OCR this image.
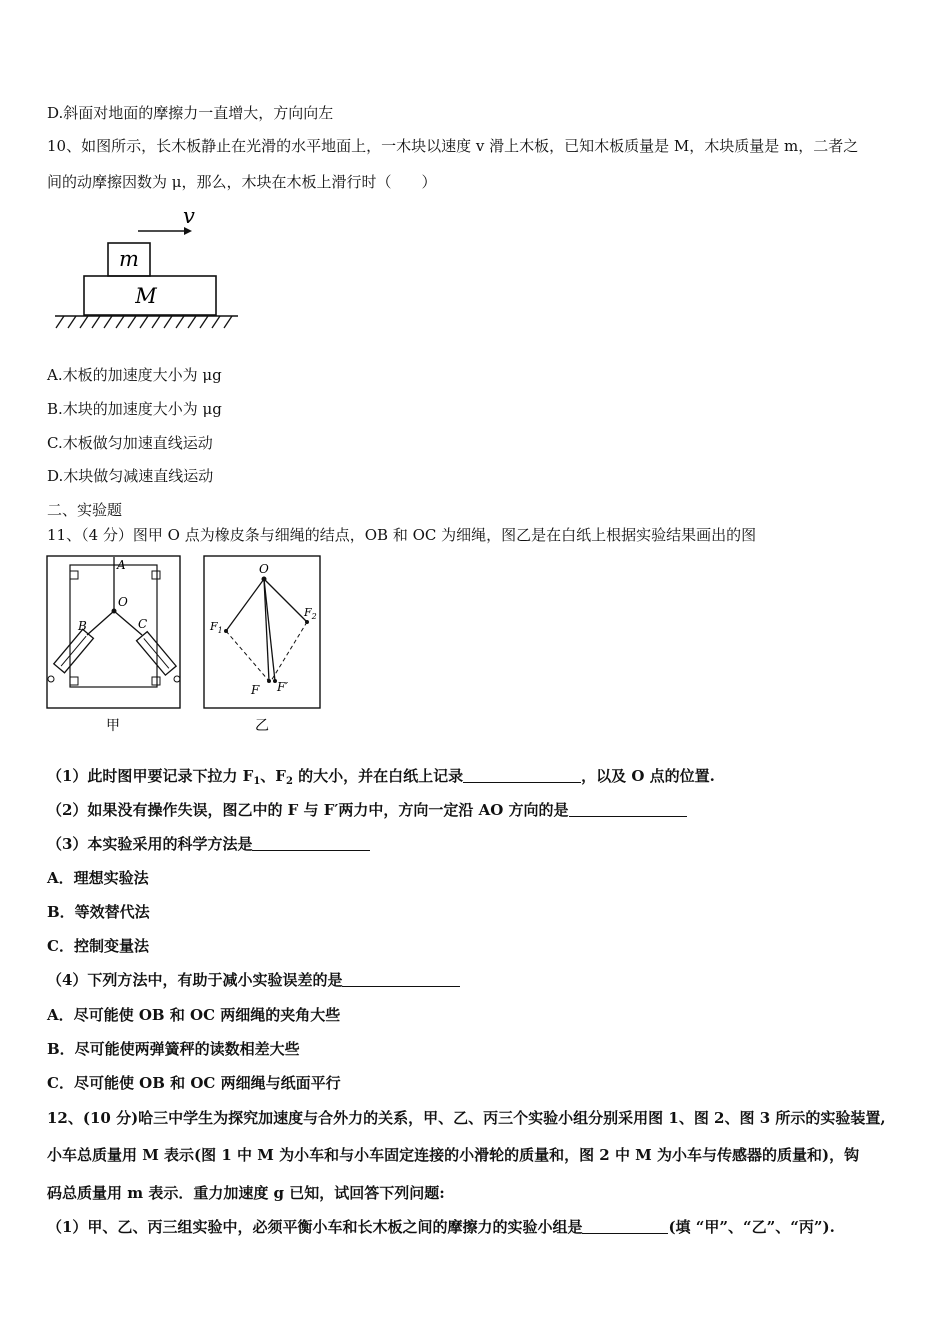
D.斜面对地面的摩擦力一直增大，方向向左
10、如图所示，长木板静止在光滑的水平地面上，一木块以速度 v 滑上木板，已知木板质量是 M，木块质量是 m，二者之
间的动摩擦因数为 μ，那么，木块在木板上滑行时（　　）
v
m
M
A.木板的加速度大小为 μg
B.木块的加速度大小为 μg
C.木板做匀加速直线运动
D.木块做匀减速直线运动
二、实验题
11、（4 分）图甲 O 点为橡皮条与细绳的结点，OB 和 OC 为细绳，图乙是在白纸上根据实验结果画出的图
A
O
B	C
甲
O
$F_1$
$F_2$
F F′
乙
（1）此时图甲要记录下拉力 $F_1$、$F_2$ 的大小，并在白纸上记录	，以及 O 点的位置.
（2）如果没有操作失误，图乙中的 F 与 F′两力中，方向一定沿 AO 方向的是
（3）本实验采用的科学方法是
A．理想实验法
B．等效替代法
C．控制变量法
（4）下列方法中，有助于减小实验误差的是
A．尽可能使 OB 和 OC 两细绳的夹角大些
B．尽可能使两弹簧秤的读数相差大些
C．尽可能使 OB 和 OC 两细绳与纸面平行
12、(10 分)哈三中学生为探究加速度与合外力的关系，甲、乙、丙三个实验小组分别采用图 1、图 2、图 3 所示的实验装置,
小车总质量用 M 表示(图 1 中 M 为小车和与小车固定连接的小滑轮的质量和，图 2 中 M 为小车与传感器的质量和)，钩
码总质量用 m 表示．重力加速度 g 已知，试回答下列问题:
（1）甲、乙、丙三组实验中，必须平衡小车和长木板之间的摩擦力的实验小组是	(填 “甲”、“乙”、“丙”).
